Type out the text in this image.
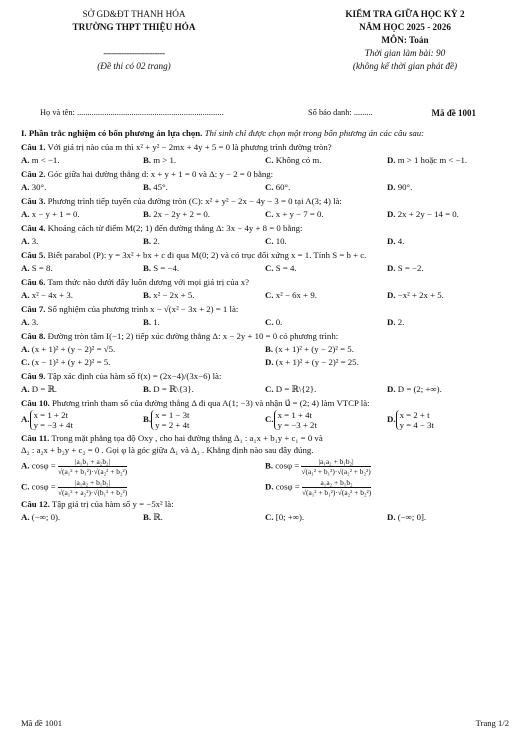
SỞ GD&ĐT THANH HÓA
TRƯỜNG THPT THIỆU HÓA
------------------------
(Đề thi có 02 trang)
KIỂM TRA GIỮA HỌC KỲ 2
NĂM HỌC 2025 - 2026
MÔN: Toán
Thời gian làm bài: 90
(không kể thời gian phát đề)
Họ và tên: ......................................................................	Số báo danh: .........	Mã đề 1001
I. Phần trắc nghiệm có bốn phương án lựa chọn. Thí sinh chỉ được chọn một trong bốn phương án các câu sau:
Câu 1. Với giá trị nào của m thì x² + y² − 2mx + 4y + 5 = 0 là phương trình đường tròn?
A. m < −1.	B. m > 1.	C. Không có m.	D. m > 1 hoặc m < −1.
Câu 2. Góc giữa hai đường thẳng d: x + y + 1 = 0 và Δ: y − 2 = 0 bằng:
A. 30°.	B. 45°.	C. 60°.	D. 90°.
Câu 3. Phương trình tiếp tuyến của đường tròn (C): x² + y² − 2x − 4y − 3 = 0 tại A(3; 4) là:
A. x − y + 1 = 0.	B. 2x − 2y + 2 = 0.	C. x + y − 7 = 0.	D. 2x + 2y − 14 = 0.
Câu 4. Khoảng cách từ điểm M(2; 1) đến đường thẳng Δ: 3x − 4y + 8 = 0 bằng:
A. 3.	B. 2.	C. 10.	D. 4.
Câu 5. Biết parabol (P): y = 3x² + bx + c đi qua M(0; 2) và có trục đối xứng x = 1. Tính S = b + c.
A. S = 8.	B. S = −4.	C. S = 4.	D. S = −2.
Câu 6. Tam thức nào dưới đây luôn dương với mọi giá trị của x?
A. x² − 4x + 3.	B. x² − 2x + 5.	C. x² − 6x + 9.	D. −x² + 2x + 5.
Câu 7. Số nghiệm của phương trình x − √(x² − 3x + 2) = 1 là:
A. 3.	B. 1.	C. 0.	D. 2.
Câu 8. Đường tròn tâm I(−1; 2) tiếp xúc đường thẳng Δ: x − 2y + 10 = 0 có phương trình:
A. (x + 1)² + (y − 2)² = √5.	B. (x + 1)² + (y − 2)² = 5.
C. (x − 1)² + (y + 2)² = 5.	D. (x + 1)² + (y − 2)² = 25.
Câu 9. Tập xác định của hàm số f(x) = (2x−4)/(3x−6) là:
A. D = ℝ.	B. D = ℝ\{3}.	C. D = ℝ\{2}.	D. D = (2; +∞).
Câu 10. Phương trình tham số của đường thẳng Δ đi qua A(1; −3) và nhận u⃗ = (2; 4) làm VTCP là:
A. x = 1 + 2t
y = −3 + 4t
B. x = 1 − 3t
y = 2 + 4t
C. x = 1 + 4t
y = −3 + 2t
D. x = 2 + t
y = 4 − 3t
Câu 11. Trong mặt phẳng tọa độ Oxy , cho hai đường thẳng Δ₁ : a₁x + b₁y + c₁ = 0 và
Δ₂ : a₂x + b₂y + c₂ = 0 . Gọi φ là góc giữa Δ₁ và Δ₂ . Khẳng định nào sau đây đúng.
A. $\cos\varphi = \frac{\text{|a₁b₁ + a₂b₂|}}{\text{√(a₁² + b₁²)·√(a₂² + b₂²)}}$	B. $\cos\varphi = \frac{\text{|a₁a₂ + b₁b₂|}}{\text{√(a₁² + b₁²)·√(a₂² + b₂²)}}$
C. $\cos\varphi = \frac{\text{|a₁a₂ + b₁b₂|}}{\text{√(a₁² + a₂²)·√(b₁² + b₂²)}}$	D. $\cos\varphi = \frac{\text{a₁a₂ + b₁b₂}}{\text{√(a₁² + b₁²)·√(a₂² + b₂²)}}$
Câu 12. Tập giá trị của hàm số y = −5x² là:
A. (−∞; 0).	B. ℝ.	C. [0; +∞).	D. (−∞; 0].
Mã đề 1001	Trang 1/2
